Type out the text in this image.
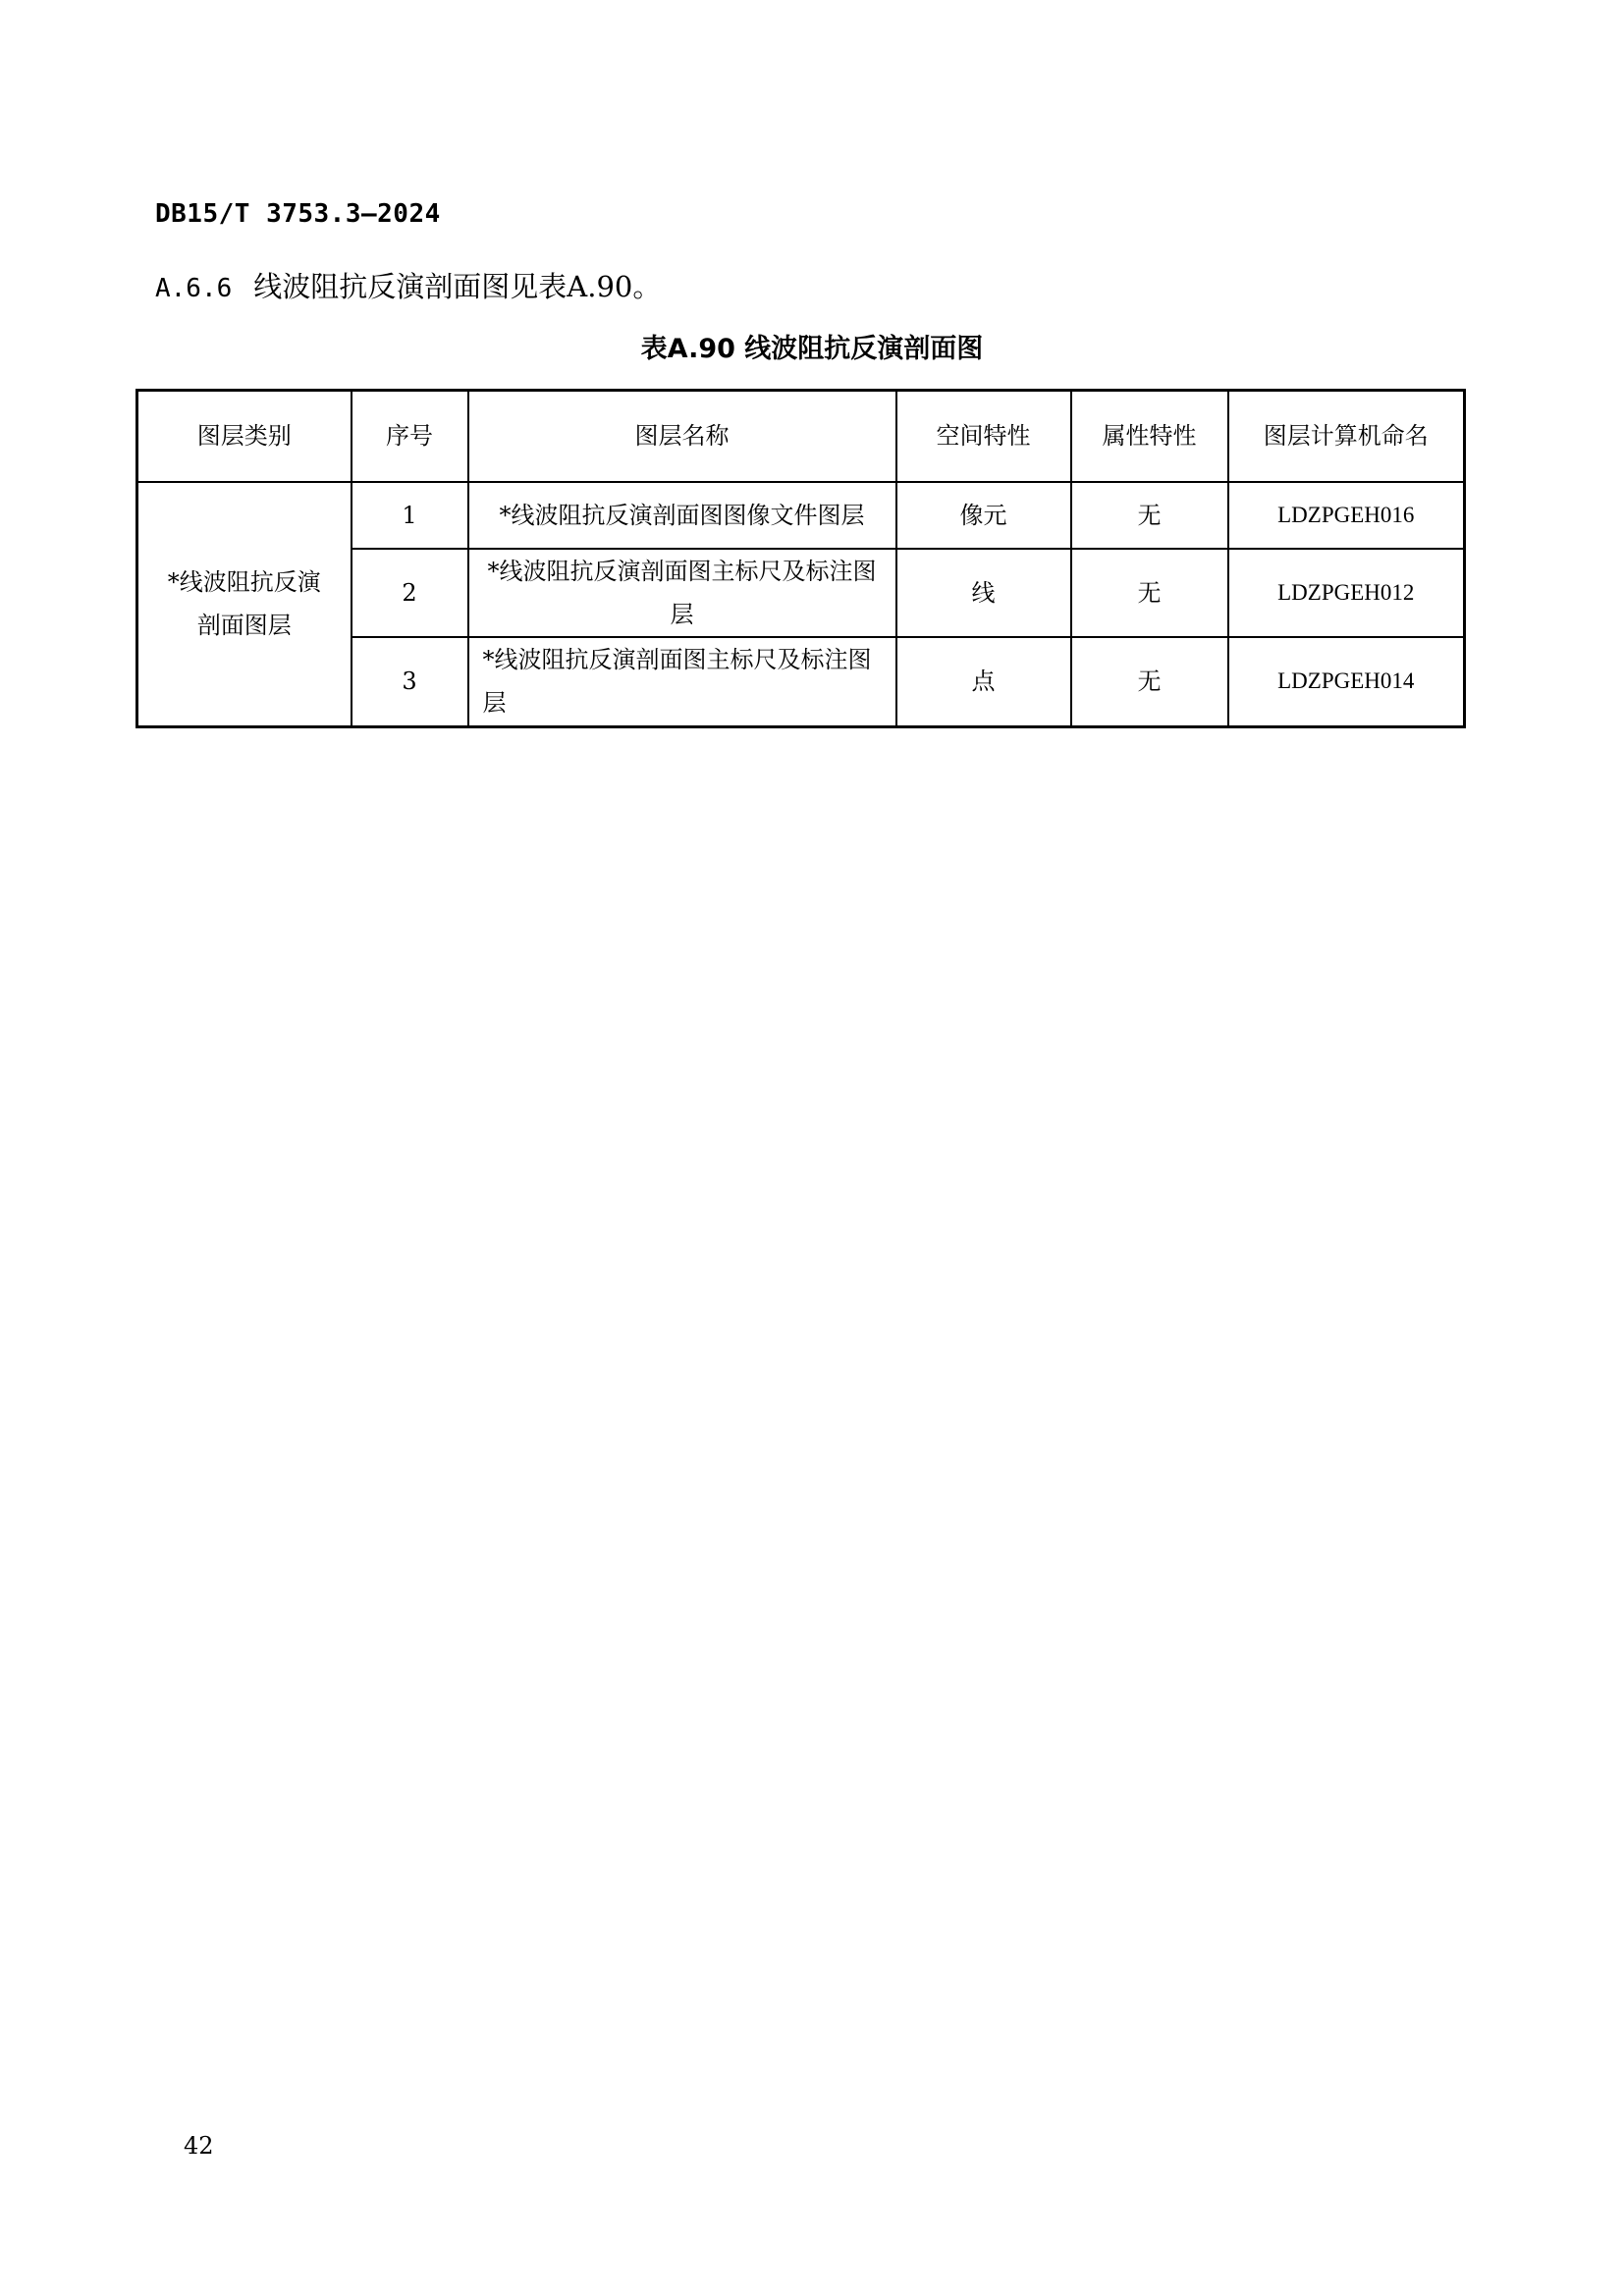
DB15/T 3753.3—2024
A.6.6 线波阻抗反演剖面图见表A.90。
表A.90 线波阻抗反演剖面图
图层类别	序号	图层名称	空间特性	属性特性	图层计算机命名
*线波阻抗反演剖面图层	1	*线波阻抗反演剖面图图像文件图层	像元	无	LDZPGEH016
	2	*线波阻抗反演剖面图主标尺及标注图层	线	无	LDZPGEH012
	3	*线波阻抗反演剖面图主标尺及标注图层	点	无	LDZPGEH014
42
